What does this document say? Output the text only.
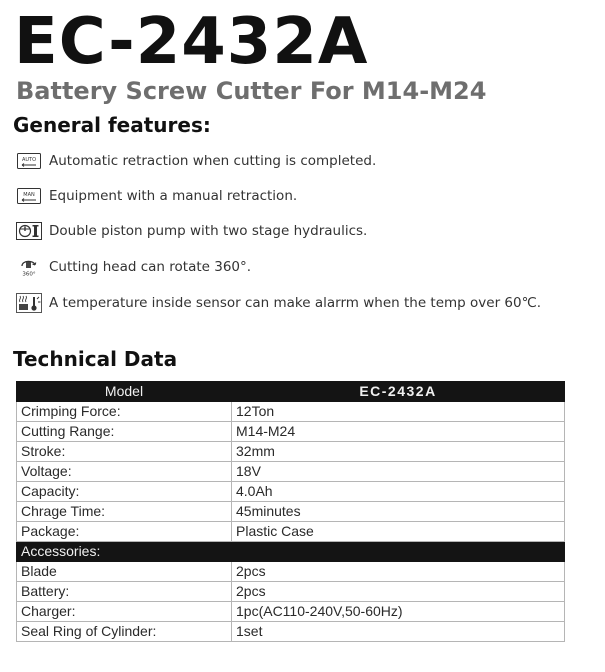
EC-2432A
Battery Screw Cutter For M14-M24
General features:
AUTO Automatic retraction when cutting is completed.
MAN Equipment with a manual retraction.
Double piston pump with two stage hydraulics.
360° Cutting head can rotate 360°.
A temperature inside sensor can make alarrm when the temp over 60℃.
Technical Data
Model	EC-2432A
Crimping Force:	12Ton
Cutting Range:	M14-M24
Stroke:	32mm
Voltage:	18V
Capacity:	4.0Ah
Chrage Time:	45minutes
Package:	Plastic Case
Accessories:	
Blade	2pcs
Battery:	2pcs
Charger:	1pc(AC110-240V,50-60Hz)
Seal Ring of Cylinder:	1set
